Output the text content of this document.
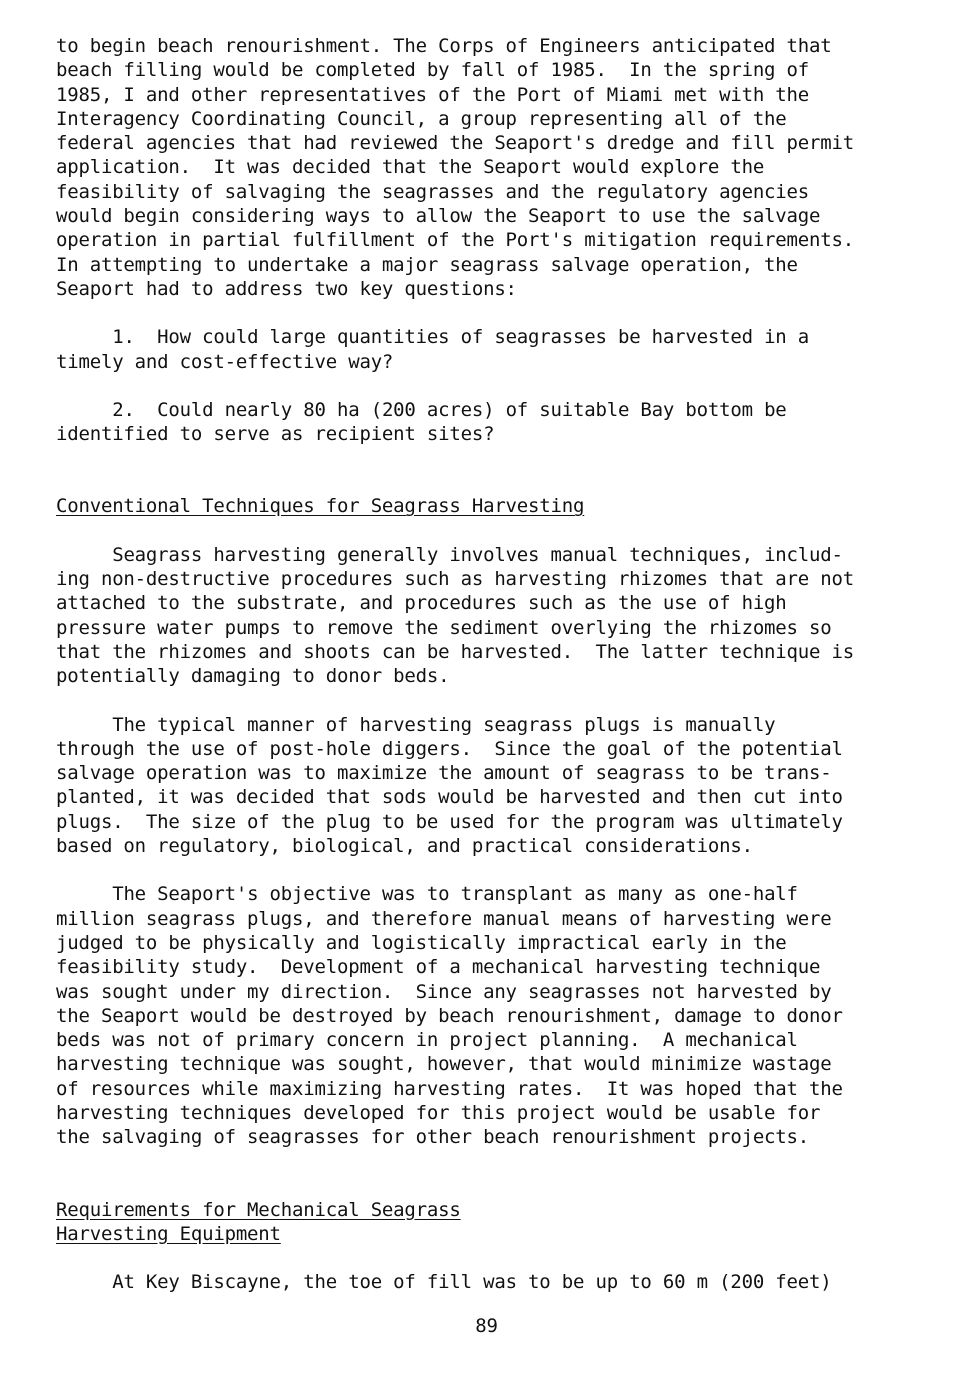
to begin beach renourishment. The Corps of Engineers anticipated that
beach filling would be completed by fall of 1985.  In the spring of
1985, I and other representatives of the Port of Miami met with the
Interagency Coordinating Council, a group representing all of the
federal agencies that had reviewed the Seaport's dredge and fill permit
application.  It was decided that the Seaport would explore the
feasibility of salvaging the seagrasses and the regulatory agencies
would begin considering ways to allow the Seaport to use the salvage
operation in partial fulfillment of the Port's mitigation requirements.
In attempting to undertake a major seagrass salvage operation, the
Seaport had to address two key questions:

1.  How could large quantities of seagrasses be harvested in a
timely and cost-effective way?

2.  Could nearly 80 ha (200 acres) of suitable Bay bottom be
identified to serve as recipient sites?

Conventional Techniques for Seagrass Harvesting

Seagrass harvesting generally involves manual techniques, includ-
ing non-destructive procedures such as harvesting rhizomes that are not
attached to the substrate, and procedures such as the use of high
pressure water pumps to remove the sediment overlying the rhizomes so
that the rhizomes and shoots can be harvested.  The latter technique is
potentially damaging to donor beds.

The typical manner of harvesting seagrass plugs is manually
through the use of post-hole diggers.  Since the goal of the potential
salvage operation was to maximize the amount of seagrass to be trans-
planted, it was decided that sods would be harvested and then cut into
plugs.  The size of the plug to be used for the program was ultimately
based on regulatory, biological, and practical considerations.

The Seaport's objective was to transplant as many as one-half
million seagrass plugs, and therefore manual means of harvesting were
judged to be physically and logistically impractical early in the
feasibility study.  Development of a mechanical harvesting technique
was sought under my direction.  Since any seagrasses not harvested by
the Seaport would be destroyed by beach renourishment, damage to donor
beds was not of primary concern in project planning.  A mechanical
harvesting technique was sought, however, that would minimize wastage
of resources while maximizing harvesting rates.  It was hoped that the
harvesting techniques developed for this project would be usable for
the salvaging of seagrasses for other beach renourishment projects.

Requirements for Mechanical Seagrass
Harvesting Equipment

At Key Biscayne, the toe of fill was to be up to 60 m (200 feet)

89
